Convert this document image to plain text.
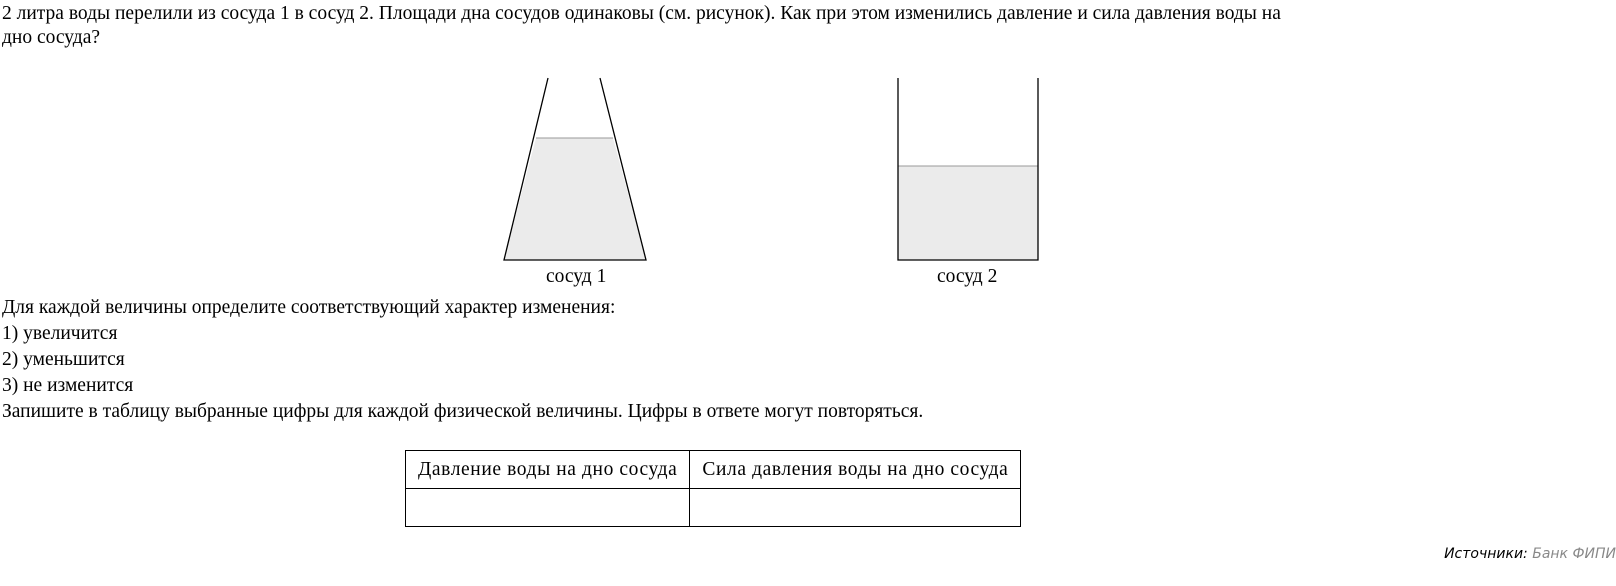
2 литра воды перелили из сосуда 1 в сосуд 2. Площади дна сосудов одинаковы (см. рисунок). Как при этом изменились давление и сила давления воды на
дно сосуда?
сосуд 1	сосуд 2
Для каждой величины определите соответствующий характер изменения:
1) увеличится
2) уменьшится
3) не изменится
Запишите в таблицу выбранные цифры для каждой физической величины. Цифры в ответе могут повторяться.
Давление воды на дно сосуда	Сила давления воды на дно сосуда

Источники: Банк ФИПИ
